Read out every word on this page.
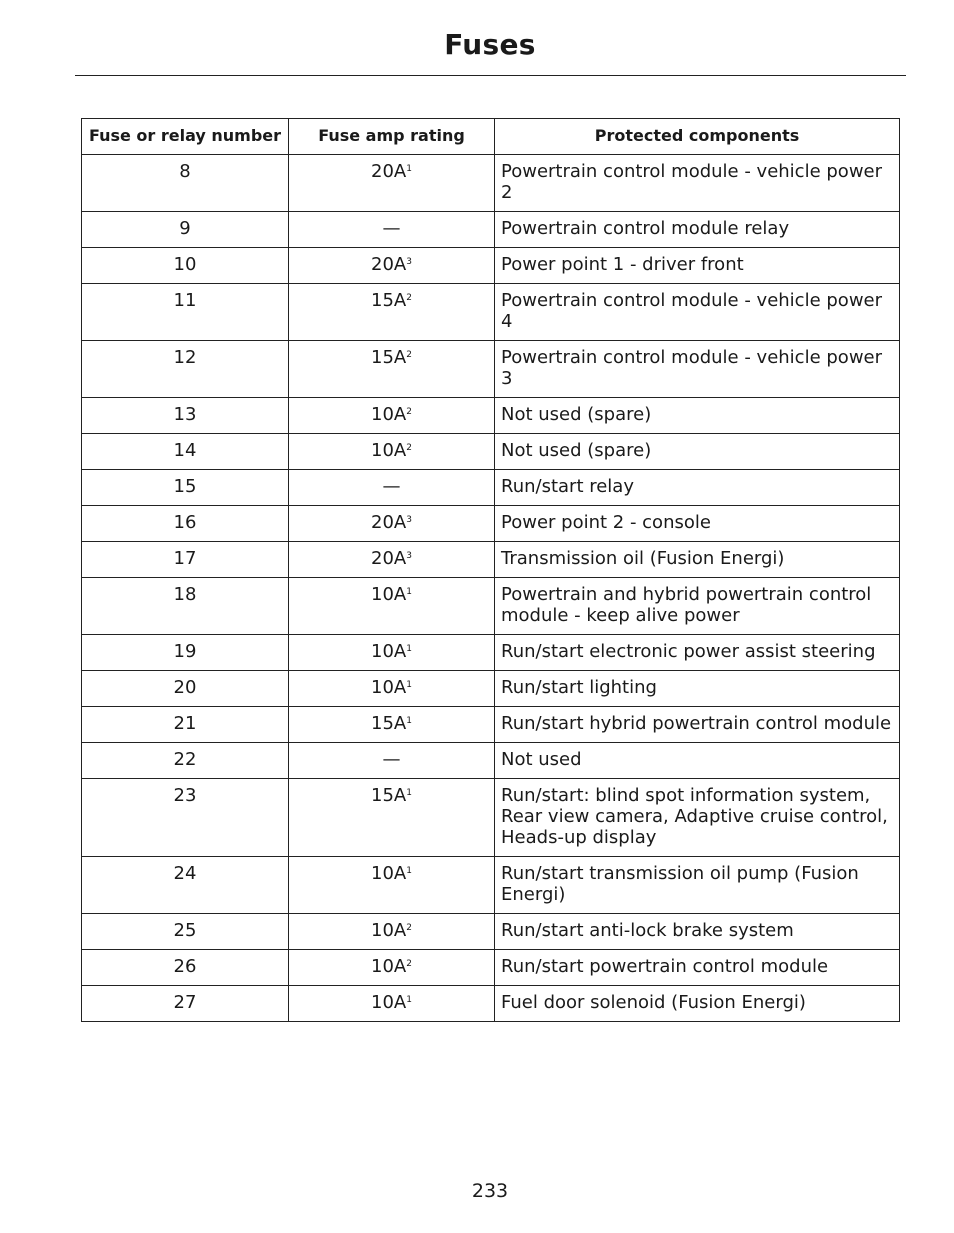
Fuses
Fuse or relay number	Fuse amp rating	Protected components
8	$20A^1$	Powertrain control module - vehicle power 2
9	—	Powertrain control module relay
10	$20A^3$	Power point 1 - driver front
11	$15A^2$	Powertrain control module - vehicle power 4
12	$15A^2$	Powertrain control module - vehicle power 3
13	$10A^2$	Not used (spare)
14	$10A^2$	Not used (spare)
15	—	Run/start relay
16	$20A^3$	Power point 2 - console
17	$20A^3$	Transmission oil (Fusion Energi)
18	$10A^1$	Powertrain and hybrid powertrain control module - keep alive power
19	$10A^1$	Run/start electronic power assist steering
20	$10A^1$	Run/start lighting
21	$15A^1$	Run/start hybrid powertrain control module
22	—	Not used
23	$15A^1$	Run/start: blind spot information system, Rear view camera, Adaptive cruise control, Heads-up display
24	$10A^1$	Run/start transmission oil pump (Fusion Energi)
25	$10A^2$	Run/start anti-lock brake system
26	$10A^2$	Run/start powertrain control module
27	$10A^1$	Fuel door solenoid (Fusion Energi)
233
